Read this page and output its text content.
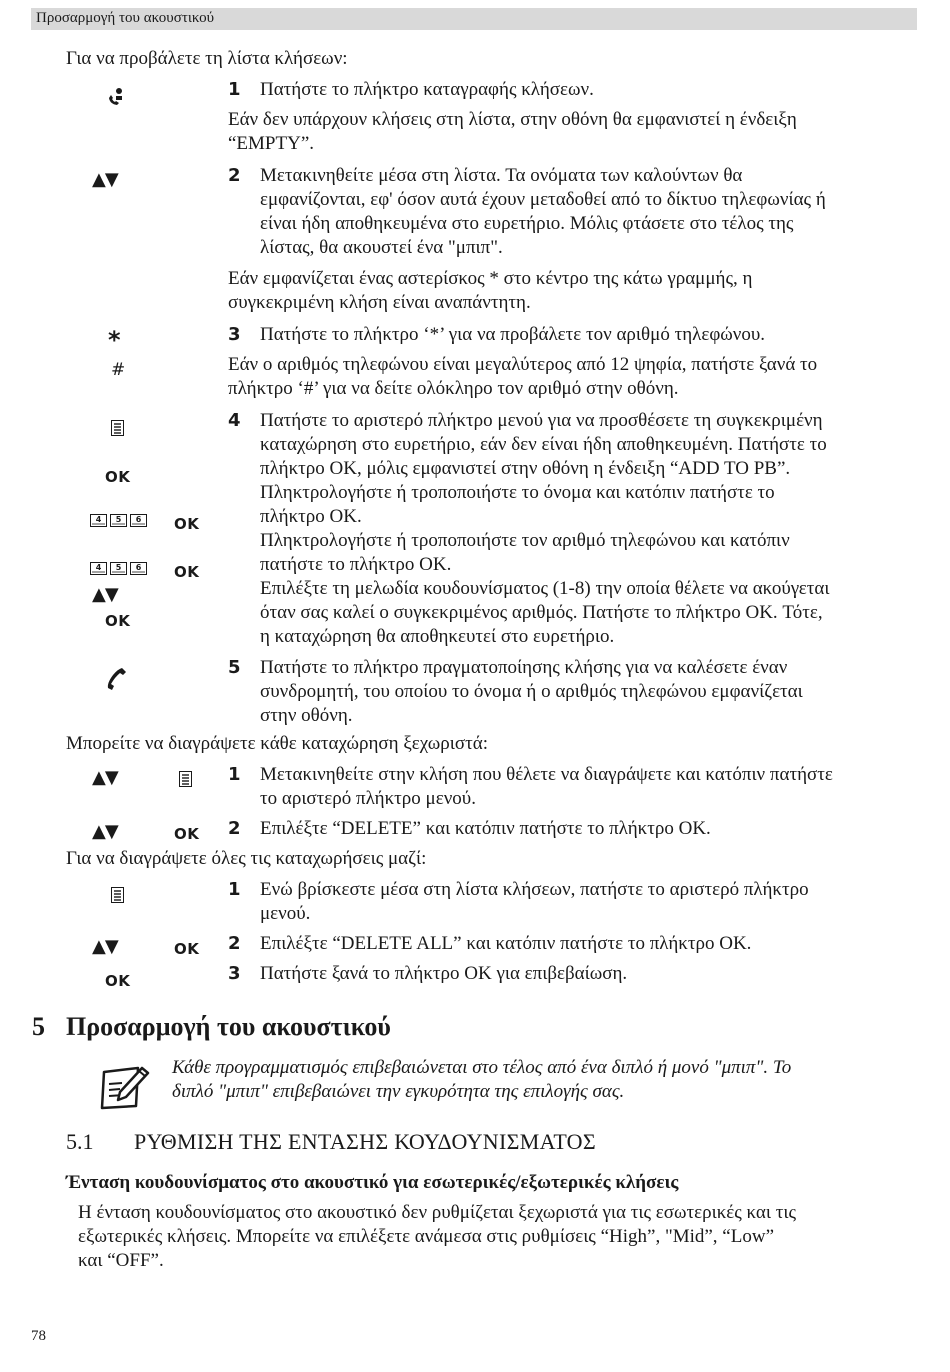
Προσαρμογή του ακουστικού
Για να προβάλετε τη λίστα κλήσεων:
1 Πατήστε το πλήκτρο καταγραφής κλήσεων.
Εάν δεν υπάρχουν κλήσεις στη λίστα, στην οθόνη θα εμφανιστεί η ένδειξη
“EMPTY”.
2 Μετακινηθείτε μέσα στη λίστα. Τα ονόματα των καλούντων θα
εμφανίζονται, εφ' όσον αυτά έχουν μεταδοθεί από το δίκτυο τηλεφωνίας ή
είναι ήδη αποθηκευμένα στο ευρετήριο. Μόλις φτάσετε στο τέλος της
λίστας, θα ακουστεί ένα "μπιπ".
Εάν εμφανίζεται ένας αστερίσκος * στο κέντρο της κάτω γραμμής, η
συγκεκριμένη κλήση είναι αναπάντητη.
3 Πατήστε το πλήκτρο ‘*’ για να προβάλετε τον αριθμό τηλεφώνου.
Εάν ο αριθμός τηλεφώνου είναι μεγαλύτερος από 12 ψηφία, πατήστε ξανά το
πλήκτρο ‘#’ για να δείτε ολόκληρο τον αριθμό στην οθόνη.
4 Πατήστε το αριστερό πλήκτρο μενού για να προσθέσετε τη συγκεκριμένη
καταχώρηση στο ευρετήριο, εάν δεν είναι ήδη αποθηκευμένη. Πατήστε το
πλήκτρο OK, μόλις εμφανιστεί στην οθόνη η ένδειξη “ADD TO PB”.
Πληκτρολογήστε ή τροποποιήστε το όνομα και κατόπιν πατήστε το
πλήκτρο OK.
Πληκτρολογήστε ή τροποποιήστε τον αριθμό τηλεφώνου και κατόπιν
πατήστε το πλήκτρο OK.
Επιλέξτε τη μελωδία κουδουνίσματος (1-8) την οποία θέλετε να ακούγεται
όταν σας καλεί ο συγκεκριμένος αριθμός. Πατήστε το πλήκτρο OK. Τότε,
η καταχώρηση θα αποθηκευτεί στο ευρετήριο.
5 Πατήστε το πλήκτρο πραγματοποίησης κλήσης για να καλέσετε έναν
συνδρομητή, του οποίου το όνομα ή ο αριθμός τηλεφώνου εμφανίζεται
στην οθόνη.
Μπορείτε να διαγράψετε κάθε καταχώρηση ξεχωριστά:
1 Μετακινηθείτε στην κλήση που θέλετε να διαγράψετε και κατόπιν πατήστε
το αριστερό πλήκτρο μενού.
2 Επιλέξτε “DELETE” και κατόπιν πατήστε το πλήκτρο OK.
Για να διαγράψετε όλες τις καταχωρήσεις μαζί:
1 Ενώ βρίσκεστε μέσα στη λίστα κλήσεων, πατήστε το αριστερό πλήκτρο
μενού.
2 Επιλέξτε “DELETE ALL” και κατόπιν πατήστε το πλήκτρο OK.
3 Πατήστε ξανά το πλήκτρο OK για επιβεβαίωση.
▲▼
*
#
OK
4 5 6 OK
4 5 6 OK
▲▼
OK
▲▼
▲▼	OK
▲▼	OK
OK
5 Προσαρμογή του ακουστικού
Κάθε προγραμματισμός επιβεβαιώνεται στο τέλος από ένα διπλό ή μονό "μπιπ". Το
διπλό "μπιπ" επιβεβαιώνει την εγκυρότητα της επιλογής σας.
5.1 ΡΥΘΜΙΣΗ ΤΗΣ ΕΝΤΑΣΗΣ ΚΟΥΔΟΥΝΙΣΜΑΤΟΣ
Ένταση κουδουνίσματος στο ακουστικό για εσωτερικές/εξωτερικές κλήσεις
Η ένταση κουδουνίσματος στο ακουστικό δεν ρυθμίζεται ξεχωριστά για τις εσωτερικές και τις
εξωτερικές κλήσεις. Μπορείτε να επιλέξετε ανάμεσα στις ρυθμίσεις “High”, "Mid”, “Low”
και “OFF”.
78
